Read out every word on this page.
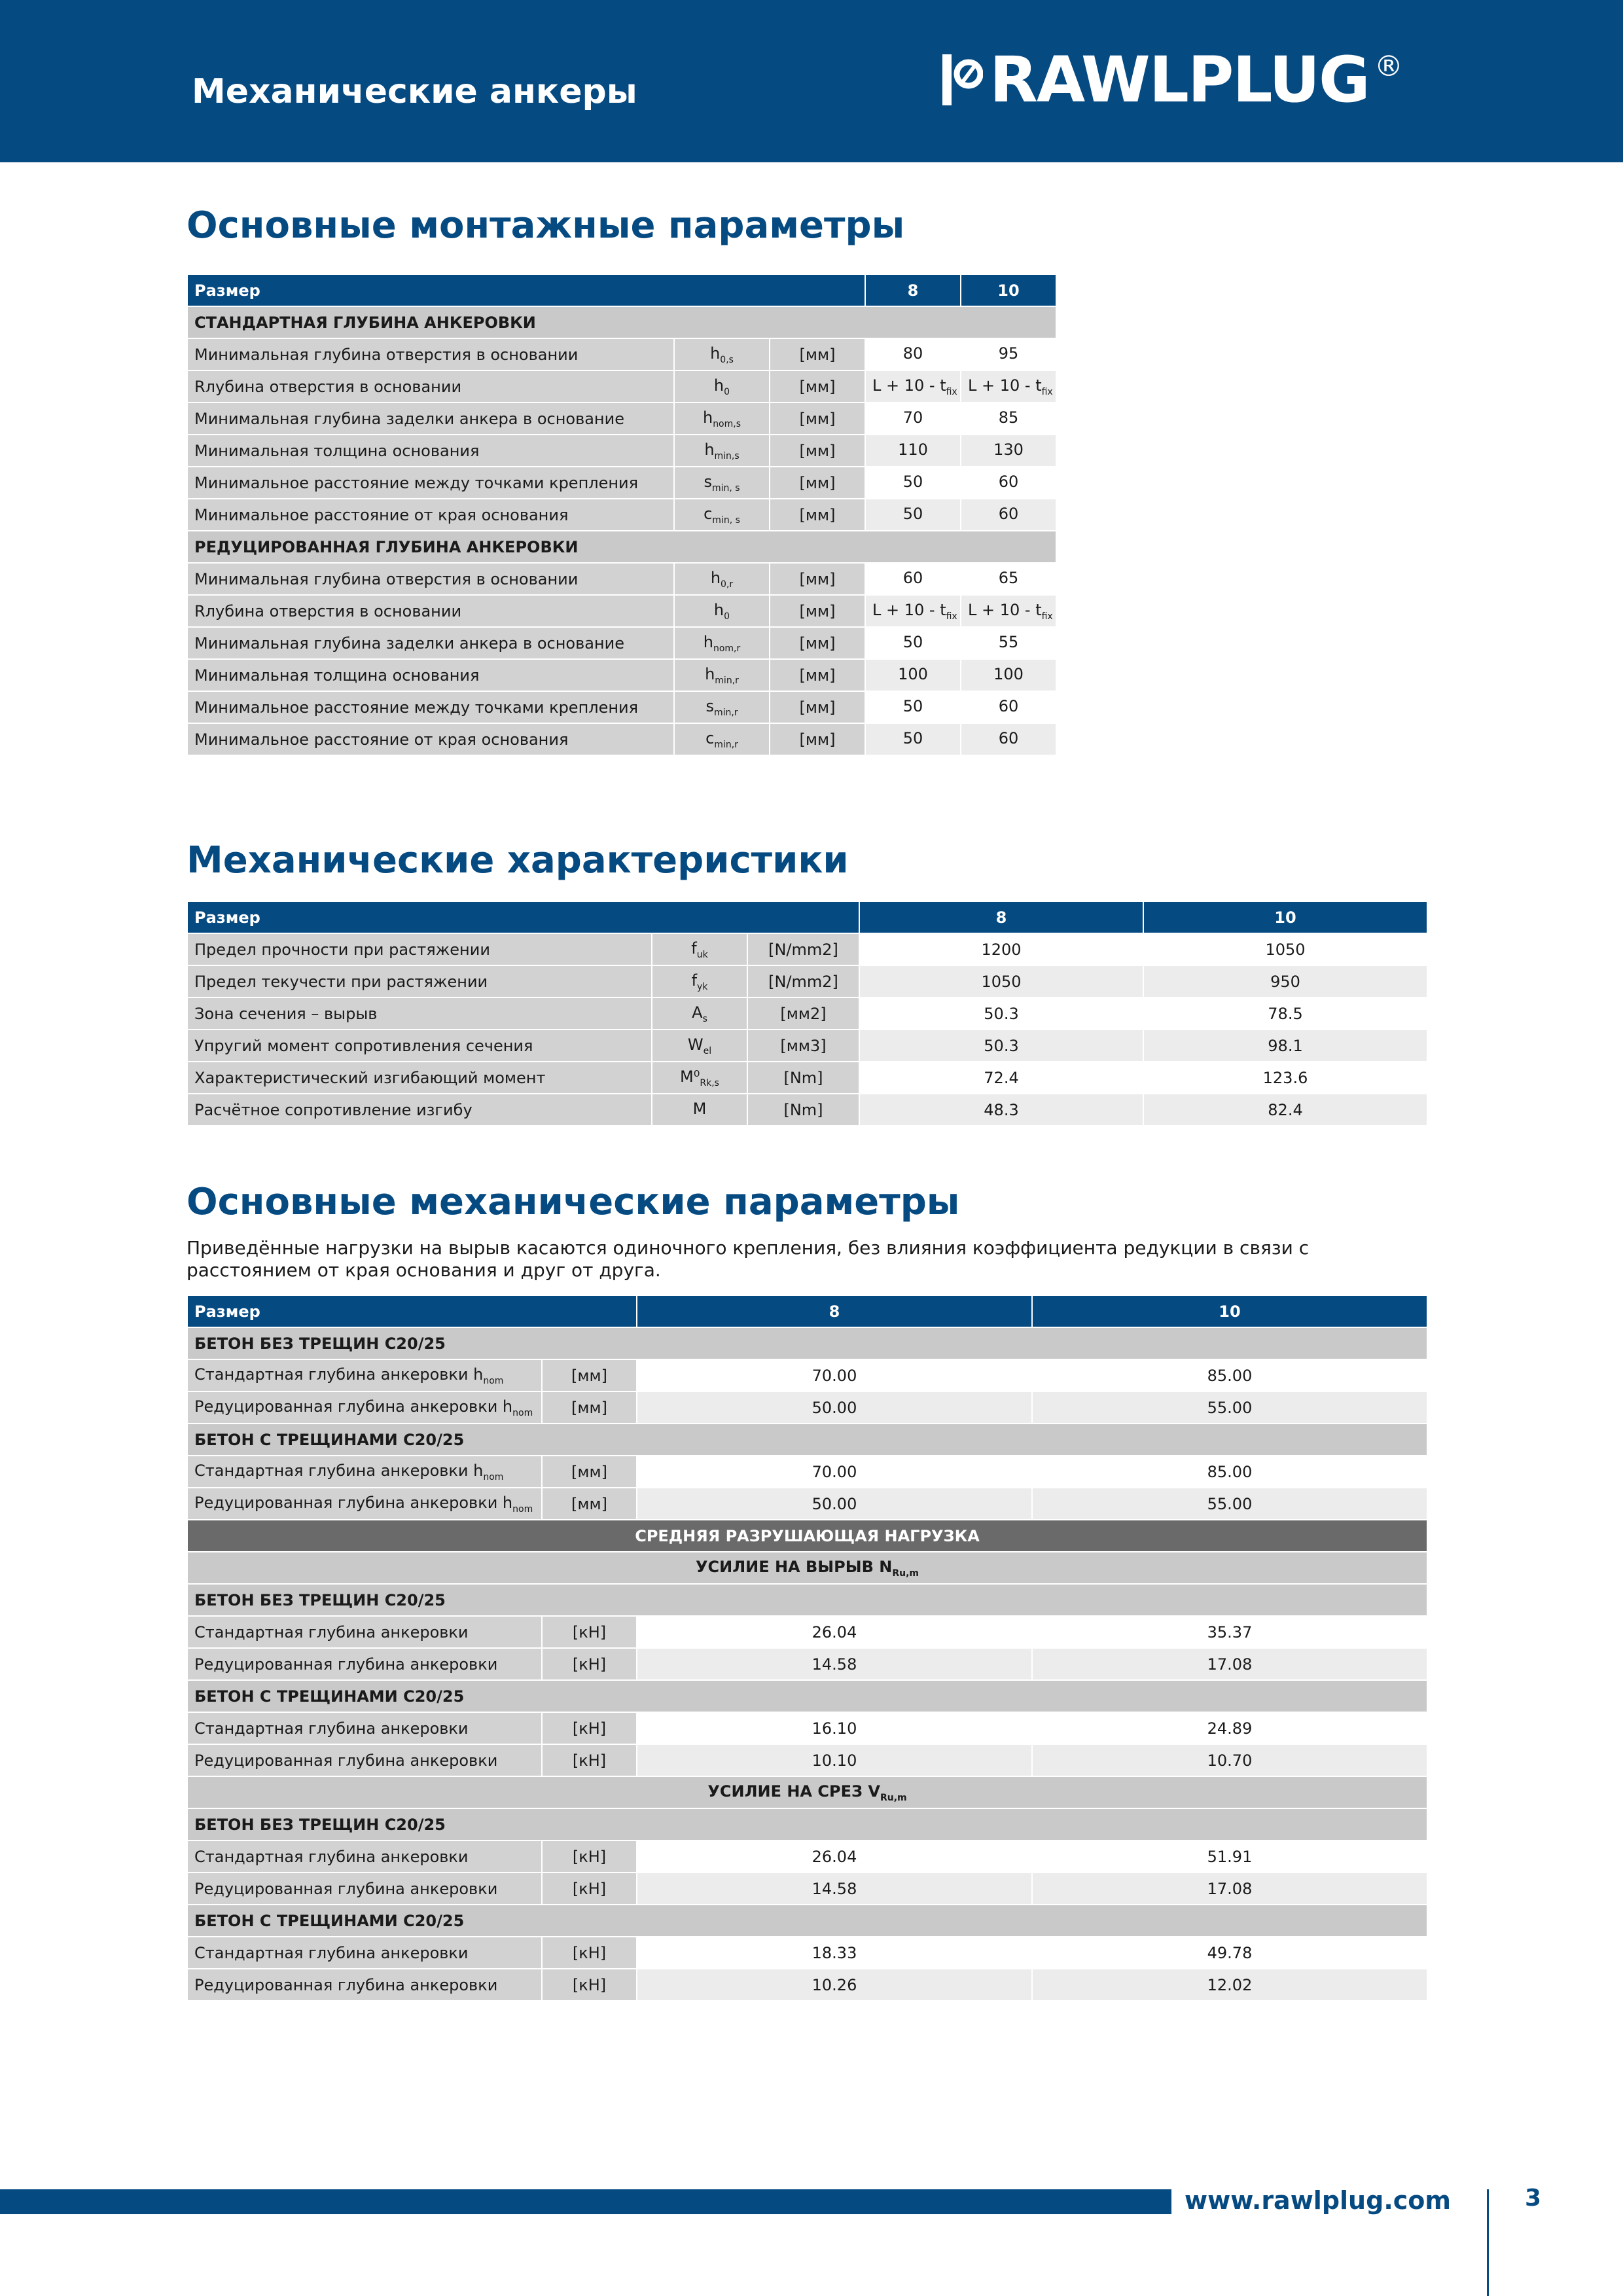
Механические анкеры	RAWLPLUG ®
Основные монтажные параметры
Размер			8	10
СТАНДАРТНАЯ ГЛУБИНА АНКЕРОВКИ				
Минимальная глубина отверстия в основании	$h_{0,s}$	[мм]	80	95
Rлубина отверстия в основании	$h_0$	[мм]	$L + 10 - t_{fix}$	$L + 10 - t_{fix}$
Минимальная глубина заделки анкера в основание	$h_{nom,s}$	[мм]	70	85
Минимальная толщина основания	$h_{min,s}$	[мм]	110	130
Минимальное расстояние между точками крепления	$s_{min, s}$	[мм]	50	60
Минимальное расстояние от края основания	$c_{min, s}$	[мм]	50	60
РЕДУЦИРОВАННАЯ ГЛУБИНА АНКЕРОВКИ				
Минимальная глубина отверстия в основании	$h_{0,r}$	[мм]	60	65
Rлубина отверстия в основании	$h_0$	[мм]	$L + 10 - t_{fix}$	$L + 10 - t_{fix}$
Минимальная глубина заделки анкера в основание	$h_{nom,r}$	[мм]	50	55
Минимальная толщина основания	$h_{min,r}$	[мм]	100	100
Минимальное расстояние между точками крепления	$s_{min,r}$	[мм]	50	60
Минимальное расстояние от края основания	$c_{min,r}$	[мм]	50	60
Механические характеристики
Размер			8	10
Предел прочности при растяжении	$f_{uk}$	[N/mm2]	1200	1050
Предел текучести при растяжении	$f_{yk}$	[N/mm2]	1050	950
Зона сечения – вырыв	$A_s$	[мм2]	50.3	78.5
Упругий момент сопротивления сечения	$W_{el}$	[мм3]	50.3	98.1
Характеристический изгибающий момент	$M^0_{Rk,s}$	[Nm]	72.4	123.6
Расчётное сопротивление изгибу	M	[Nm]	48.3	82.4
Основные механические параметры
Приведённые нагрузки на вырыв касаются одиночного крепления, без влияния коэффициента редукции в связи с расстоянием от края основания и друг от друга.
Размер		8	10
БЕТОН БЕЗ ТРЕЩИН C20/25			
Стандартная глубина анкеровки $h_{nom}$	[мм]	70.00	85.00
Редуцированная глубина анкеровки $h_{nom}$	[мм]	50.00	55.00
БЕТОН С ТРЕЩИНАМИ C20/25			
Стандартная глубина анкеровки $h_{nom}$	[мм]	70.00	85.00
Редуцированная глубина анкеровки $h_{nom}$	[мм]	50.00	55.00
СРЕДНЯЯ РАЗРУШАЮЩАЯ НАГРУЗКА			
УСИЛИЕ НА ВЫРЫВ $N_{Ru,m}$
БЕТОН БЕЗ ТРЕЩИН C20/25			
Стандартная глубина анкеровки	[кН]	26.04	35.37
Редуцированная глубина анкеровки	[кН]	14.58	17.08
БЕТОН С ТРЕЩИНАМИ C20/25			
Стандартная глубина анкеровки	[кН]	16.10	24.89
Редуцированная глубина анкеровки	[кН]	10.10	10.70
УСИЛИЕ НА СРЕЗ $V_{Ru,m}$
БЕТОН БЕЗ ТРЕЩИН C20/25			
Стандартная глубина анкеровки	[кН]	26.04	51.91
Редуцированная глубина анкеровки	[кН]	14.58	17.08
БЕТОН С ТРЕЩИНАМИ C20/25			
Стандартная глубина анкеровки	[кН]	18.33	49.78
Редуцированная глубина анкеровки	[кН]	10.26	12.02
www.rawlplug.com	3
